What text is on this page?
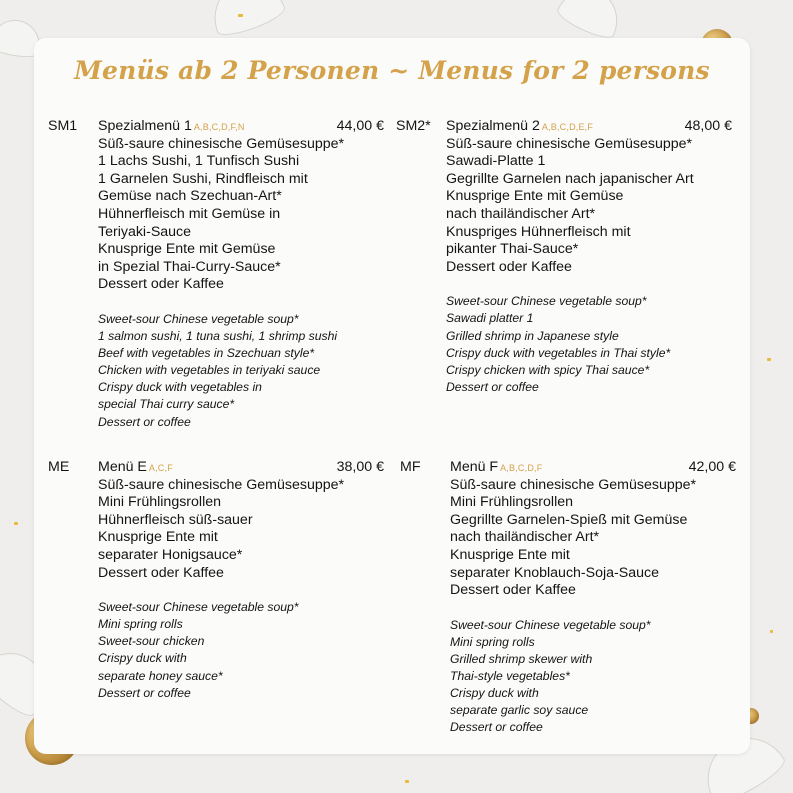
Menüs ab 2 Personen ~ Menus for 2 persons
SM1 Spezialmenü 1 A,B,C,D,F,N	44,00 €
Süß-saure chinesische Gemüsesuppe*
1 Lachs Sushi, 1 Tunfisch Sushi
1 Garnelen Sushi, Rindfleisch mit
Gemüse nach Szechuan-Art*
Hühnerfleisch mit Gemüse in
Teriyaki-Sauce
Knusprige Ente mit Gemüse
in Spezial Thai-Curry-Sauce*
Dessert oder Kaffee
Sweet-sour Chinese vegetable soup*
1 salmon sushi, 1 tuna sushi, 1 shrimp sushi
Beef with vegetables in Szechuan style*
Chicken with vegetables in teriyaki sauce
Crispy duck with vegetables in
special Thai curry sauce*
Dessert or coffee
SM2* Spezialmenü 2 A,B,C,D,E,F	48,00 €
Süß-saure chinesische Gemüsesuppe*
Sawadi-Platte 1
Gegrillte Garnelen nach japanischer Art
Knusprige Ente mit Gemüse
nach thailändischer Art*
Knuspriges Hühnerfleisch mit
pikanter Thai-Sauce*
Dessert oder Kaffee
Sweet-sour Chinese vegetable soup*
Sawadi platter 1
Grilled shrimp in Japanese style
Crispy duck with vegetables in Thai style*
Crispy chicken with spicy Thai sauce*
Dessert or coffee
ME Menü E A,C,F	38,00 €
Süß-saure chinesische Gemüsesuppe*
Mini Frühlingsrollen
Hühnerfleisch süß-sauer
Knusprige Ente mit
separater Honigsauce*
Dessert oder Kaffee
Sweet-sour Chinese vegetable soup*
Mini spring rolls
Sweet-sour chicken
Crispy duck with
separate honey sauce*
Dessert or coffee
MF Menü F A,B,C,D,F	42,00 €
Süß-saure chinesische Gemüsesuppe*
Mini Frühlingsrollen
Gegrillte Garnelen-Spieß mit Gemüse
nach thailändischer Art*
Knusprige Ente mit
separater Knoblauch-Soja-Sauce
Dessert oder Kaffee
Sweet-sour Chinese vegetable soup*
Mini spring rolls
Grilled shrimp skewer with
Thai-style vegetables*
Crispy duck with
separate garlic soy sauce
Dessert or coffee
